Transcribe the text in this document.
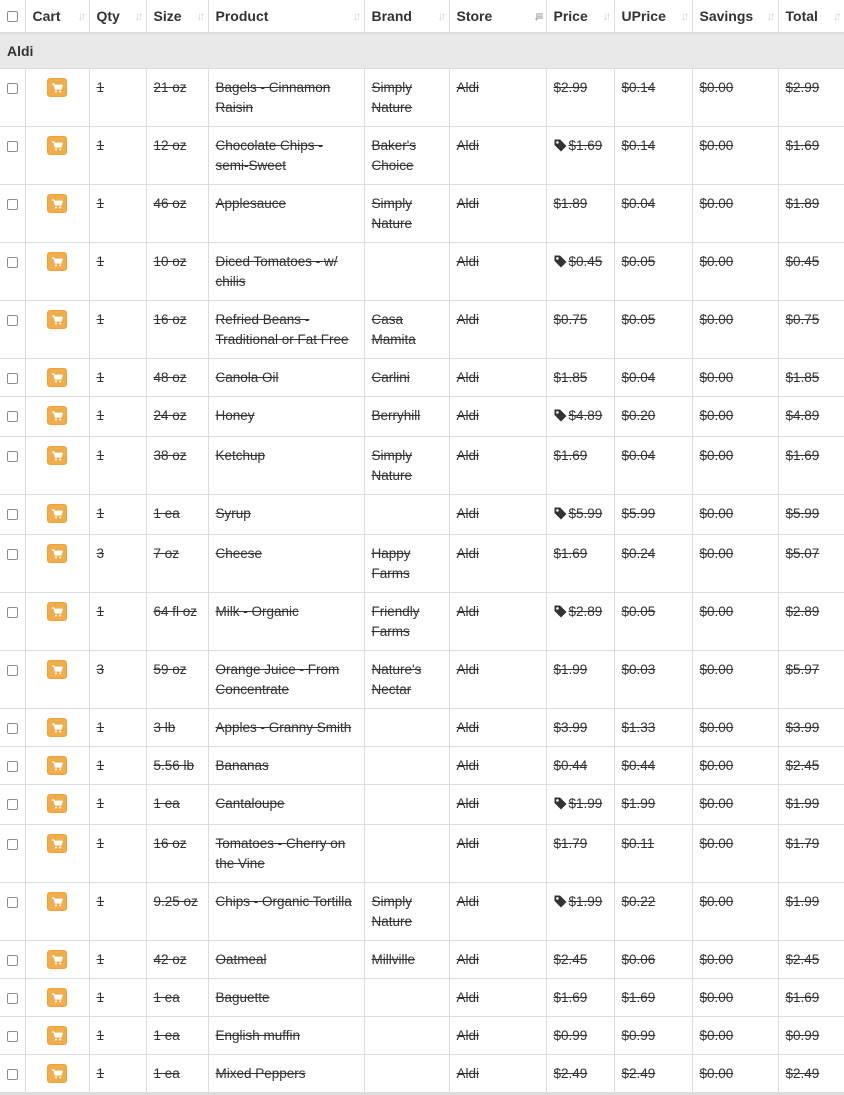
	Cart ↓↑	Qty ↓↑	Size ↓↑	Product ↓↑	Brand ↓↑	Store ↓≡	Price ↓↑	UPrice ↓↑	Savings ↓↑	Total ↓↑

Aldi										

	1	21 oz	Bagels - Cinnamon Raisin	Simply Nature	Aldi	$2.99	$0.14	$0.00	$2.99

	1	12 oz	Chocolate Chips - semi-Sweet	Baker's Choice	Aldi	$1.69	$0.14	$0.00	$1.69

	1	46 oz	Applesauce	Simply Nature	Aldi	$1.89	$0.04	$0.00	$1.89

	1	10 oz	Diced Tomatoes - w/ chilis		Aldi	$0.45	$0.05	$0.00	$0.45

	1	16 oz	Refried Beans - Traditional or Fat Free	Casa Mamita	Aldi	$0.75	$0.05	$0.00	$0.75

	1	48 oz	Canola Oil	Carlini	Aldi	$1.85	$0.04	$0.00	$1.85

	1	24 oz	Honey	Berryhill	Aldi	$4.89	$0.20	$0.00	$4.89

	1	38 oz	Ketchup	Simply Nature	Aldi	$1.69	$0.04	$0.00	$1.69

	1	1 ea	Syrup		Aldi	$5.99	$5.99	$0.00	$5.99

	3	7 oz	Cheese	Happy Farms	Aldi	$1.69	$0.24	$0.00	$5.07

	1	64 fl oz	Milk - Organic	Friendly Farms	Aldi	$2.89	$0.05	$0.00	$2.89

	3	59 oz	Orange Juice - From Concentrate	Nature's Nectar	Aldi	$1.99	$0.03	$0.00	$5.97

	1	3 lb	Apples - Granny Smith		Aldi	$3.99	$1.33	$0.00	$3.99

	1	5.56 lb	Bananas		Aldi	$0.44	$0.44	$0.00	$2.45

	1	1 ea	Cantaloupe		Aldi	$1.99	$1.99	$0.00	$1.99

	1	16 oz	Tomatoes - Cherry on the Vine		Aldi	$1.79	$0.11	$0.00	$1.79

	1	9.25 oz	Chips - Organic Tortilla	Simply Nature	Aldi	$1.99	$0.22	$0.00	$1.99

	1	42 oz	Oatmeal	Millville	Aldi	$2.45	$0.06	$0.00	$2.45

	1	1 ea	Baguette		Aldi	$1.69	$1.69	$0.00	$1.69

	1	1 ea	English muffin		Aldi	$0.99	$0.99	$0.00	$0.99

	1	1 ea	Mixed Peppers		Aldi	$2.49	$2.49	$0.00	$2.49
